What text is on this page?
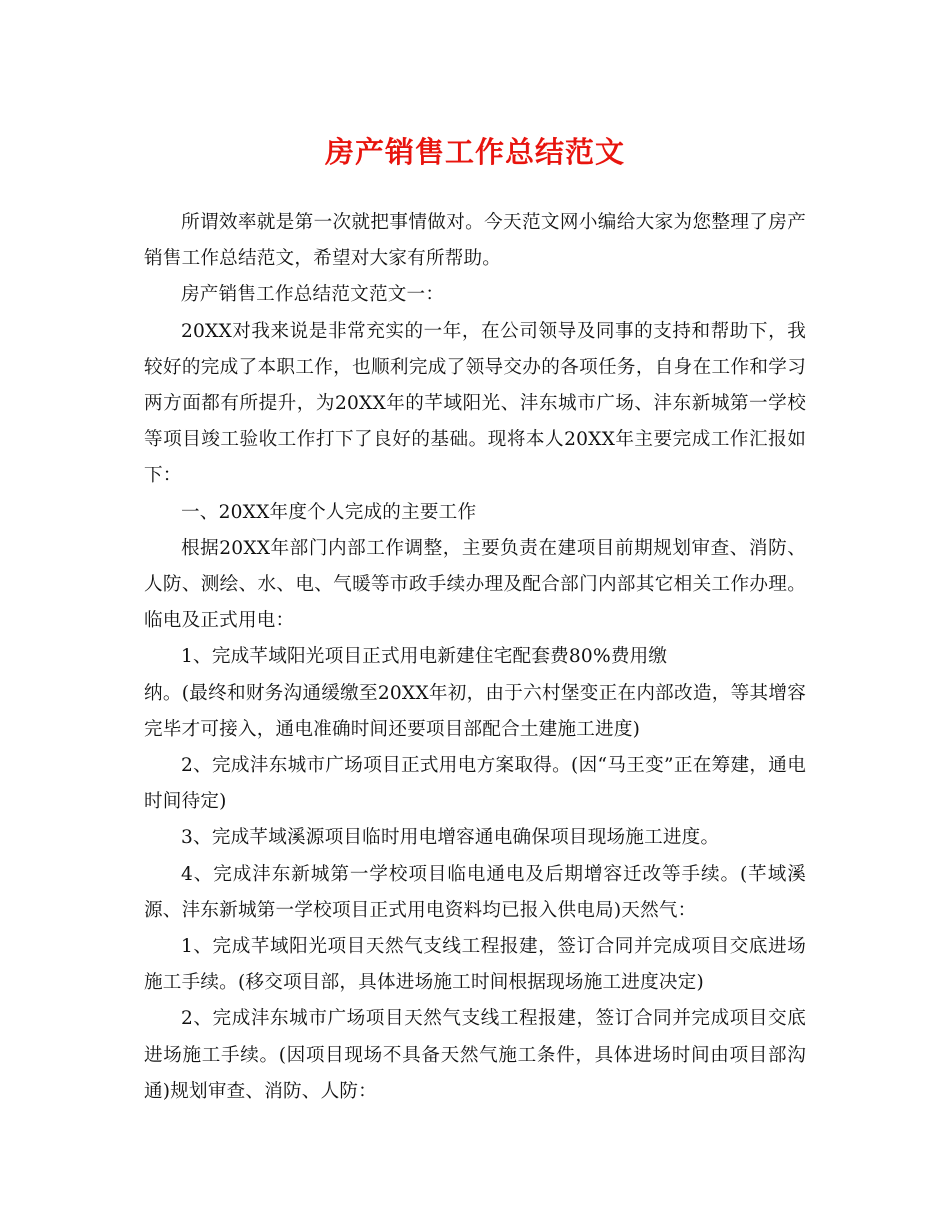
房产销售工作总结范文

所谓效率就是第一次就把事情做对。今天范文网小编给大家为您整理了房产销售工作总结范文，希望对大家有所帮助。

房产销售工作总结范文范文一：

20XX对我来说是非常充实的一年，在公司领导及同事的支持和帮助下，我较好的完成了本职工作，也顺利完成了领导交办的各项任务，自身在工作和学习两方面都有所提升，为20XX年的芊域阳光、沣东城市广场、沣东新城第一学校等项目竣工验收工作打下了良好的基础。现将本人20XX年主要完成工作汇报如下：

一、20XX年度个人完成的主要工作

根据20XX年部门内部工作调整，主要负责在建项目前期规划审查、消防、人防、测绘、水、电、气暖等市政手续办理及配合部门内部其它相关工作办理。临电及正式用电：

1、完成芊域阳光项目正式用电新建住宅配套费80%费用缴

纳。(最终和财务沟通缓缴至20XX年初，由于六村堡变正在内部改造，等其增容完毕才可接入，通电准确时间还要项目部配合土建施工进度)

2、完成沣东城市广场项目正式用电方案取得。(因“马王变”正在筹建，通电时间待定)

3、完成芊域溪源项目临时用电增容通电确保项目现场施工进度。

4、完成沣东新城第一学校项目临电通电及后期增容迁改等手续。(芊域溪源、沣东新城第一学校项目正式用电资料均已报入供电局)天然气：

1、完成芊域阳光项目天然气支线工程报建，签订合同并完成项目交底进场施工手续。(移交项目部，具体进场施工时间根据现场施工进度决定)

2、完成沣东城市广场项目天然气支线工程报建，签订合同并完成项目交底进场施工手续。(因项目现场不具备天然气施工条件，具体进场时间由项目部沟通)规划审查、消防、人防：
